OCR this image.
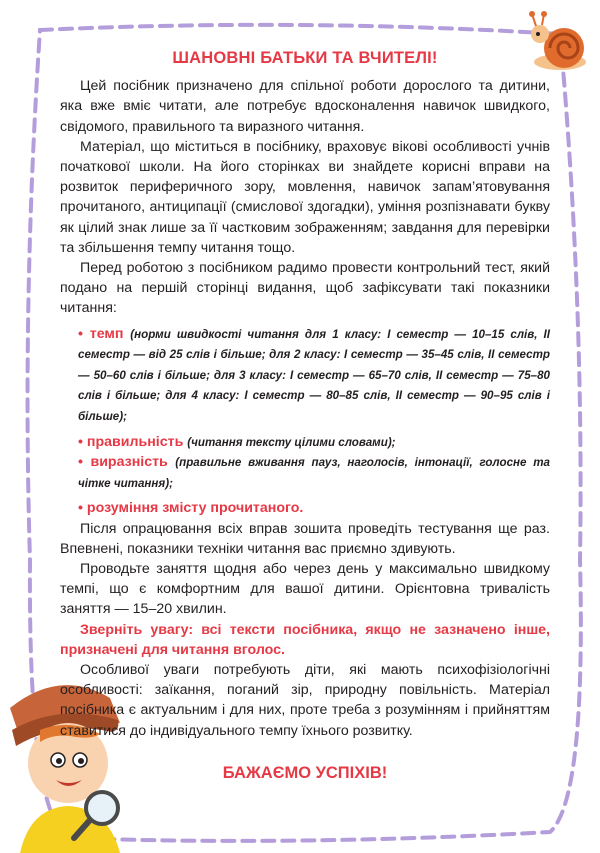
ШАНОВНІ БАТЬКИ ТА ВЧИТЕЛІ!

Цей посібник призначено для спільної роботи дорослого та дитини, яка вже вміє читати, але потребує вдосконалення навичок швидкого, свідомого, правильного та виразного читання.

Матеріал, що міститься в посібнику, враховує вікові особливості учнів початкової школи. На його сторінках ви знайдете корисні вправи на розвиток периферичного зору, мовлення, навичок запам’ятовування прочитаного, антиципації (смислової здогадки), уміння розпізнавати букву як цілий знак лише за її частковим зображенням; завдання для перевірки та збільшення темпу читання тощо.

Перед роботою з посібником радимо провести контрольний тест, який подано на першій сторінці видання, щоб зафіксувати такі показники читання:

• темп (норми швидкості читання для 1 класу: І семестр — 10–15 слів, ІІ семестр — від 25 слів і більше; для 2 класу: І семестр — 35–45 слів, ІІ семестр — 50–60 слів і більше; для 3 класу: І семестр — 65–70 слів, ІІ семестр — 75–80 слів і більше; для 4 класу: І семестр — 80–85 слів, ІІ семестр — 90–95 слів і більше);

• правильність (читання тексту цілими словами);

• виразність (правильне вживання пауз, наголосів, інтонації, голосне та чітке читання);

• розуміння змісту прочитаного.

Після опрацювання всіх вправ зошита проведіть тестування ще раз. Впевнені, показники техніки читання вас приємно здивують.

Проводьте заняття щодня або через день у максимально швидкому темпі, що є комфортним для вашої дитини. Орієнтовна тривалість заняття — 15–20 хвилин.

Зверніть увагу: всі тексти посібника, якщо не зазначено інше, призначені для читання вголос.

Особливої уваги потребують діти, які мають психофізіологічні особливості: заїкання, поганий зір, природну повільність. Матеріал посібника є актуальним і для них, проте треба з розумінням і прийняттям ставитися до індивідуального темпу їхнього розвитку.

БАЖАЄМО УСПІХІВ!
